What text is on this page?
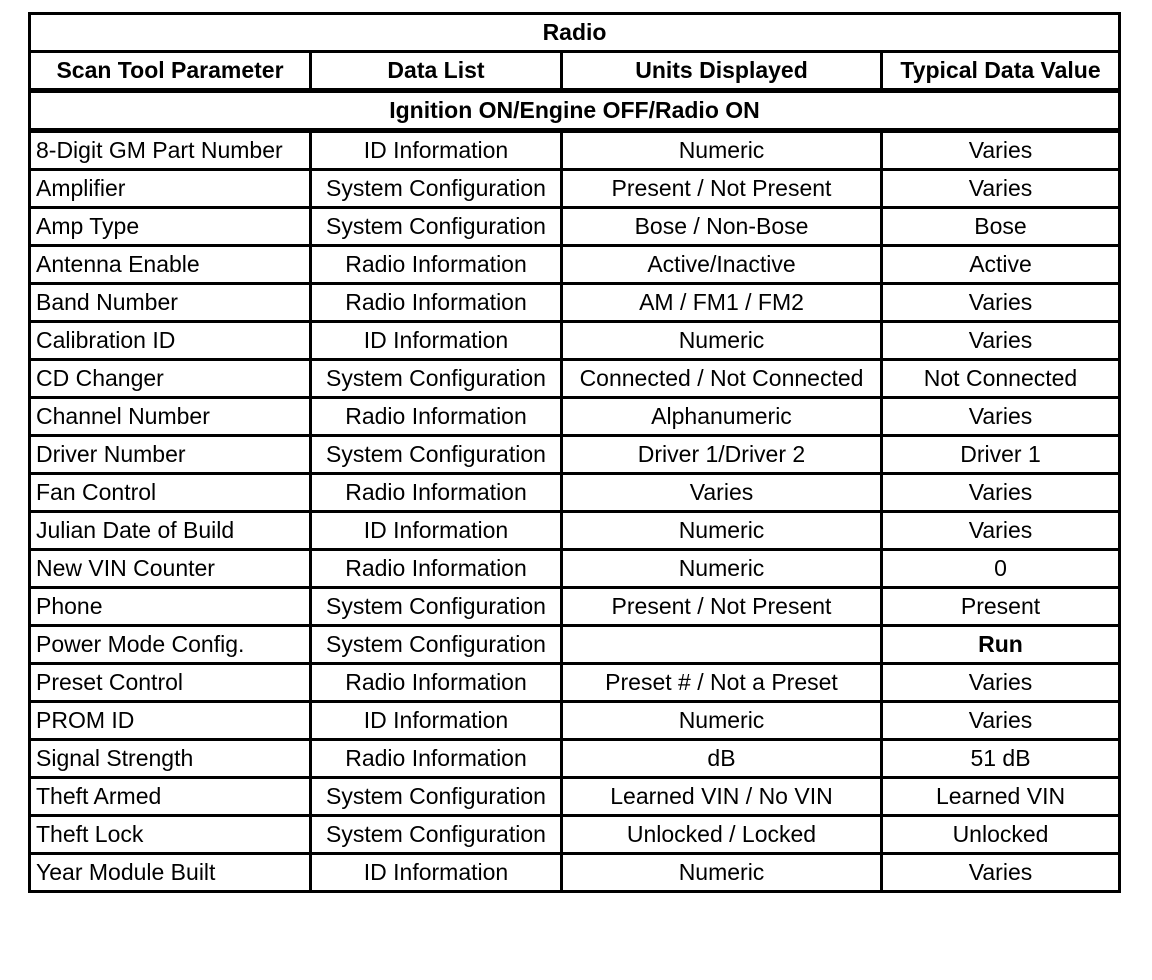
Radio			
Scan Tool Parameter	Data List	Units Displayed	Typical Data Value
Ignition ON/Engine OFF/Radio ON			
8-Digit GM Part Number	ID Information	Numeric	Varies
Amplifier	System Configuration	Present / Not Present	Varies
Amp Type	System Configuration	Bose / Non-Bose	Bose
Antenna Enable	Radio Information	Active/Inactive	Active
Band Number	Radio Information	AM / FM1 / FM2	Varies
Calibration ID	ID Information	Numeric	Varies
CD Changer	System Configuration	Connected / Not Connected	Not Connected
Channel Number	Radio Information	Alphanumeric	Varies
Driver Number	System Configuration	Driver 1/Driver 2	Driver 1
Fan Control	Radio Information	Varies	Varies
Julian Date of Build	ID Information	Numeric	Varies
New VIN Counter	Radio Information	Numeric	0
Phone	System Configuration	Present / Not Present	Present
Power Mode Config.	System Configuration		Run
Preset Control	Radio Information	Preset # / Not a Preset	Varies
PROM ID	ID Information	Numeric	Varies
Signal Strength	Radio Information	dB	51 dB
Theft Armed	System Configuration	Learned VIN / No VIN	Learned VIN
Theft Lock	System Configuration	Unlocked / Locked	Unlocked
Year Module Built	ID Information	Numeric	Varies
